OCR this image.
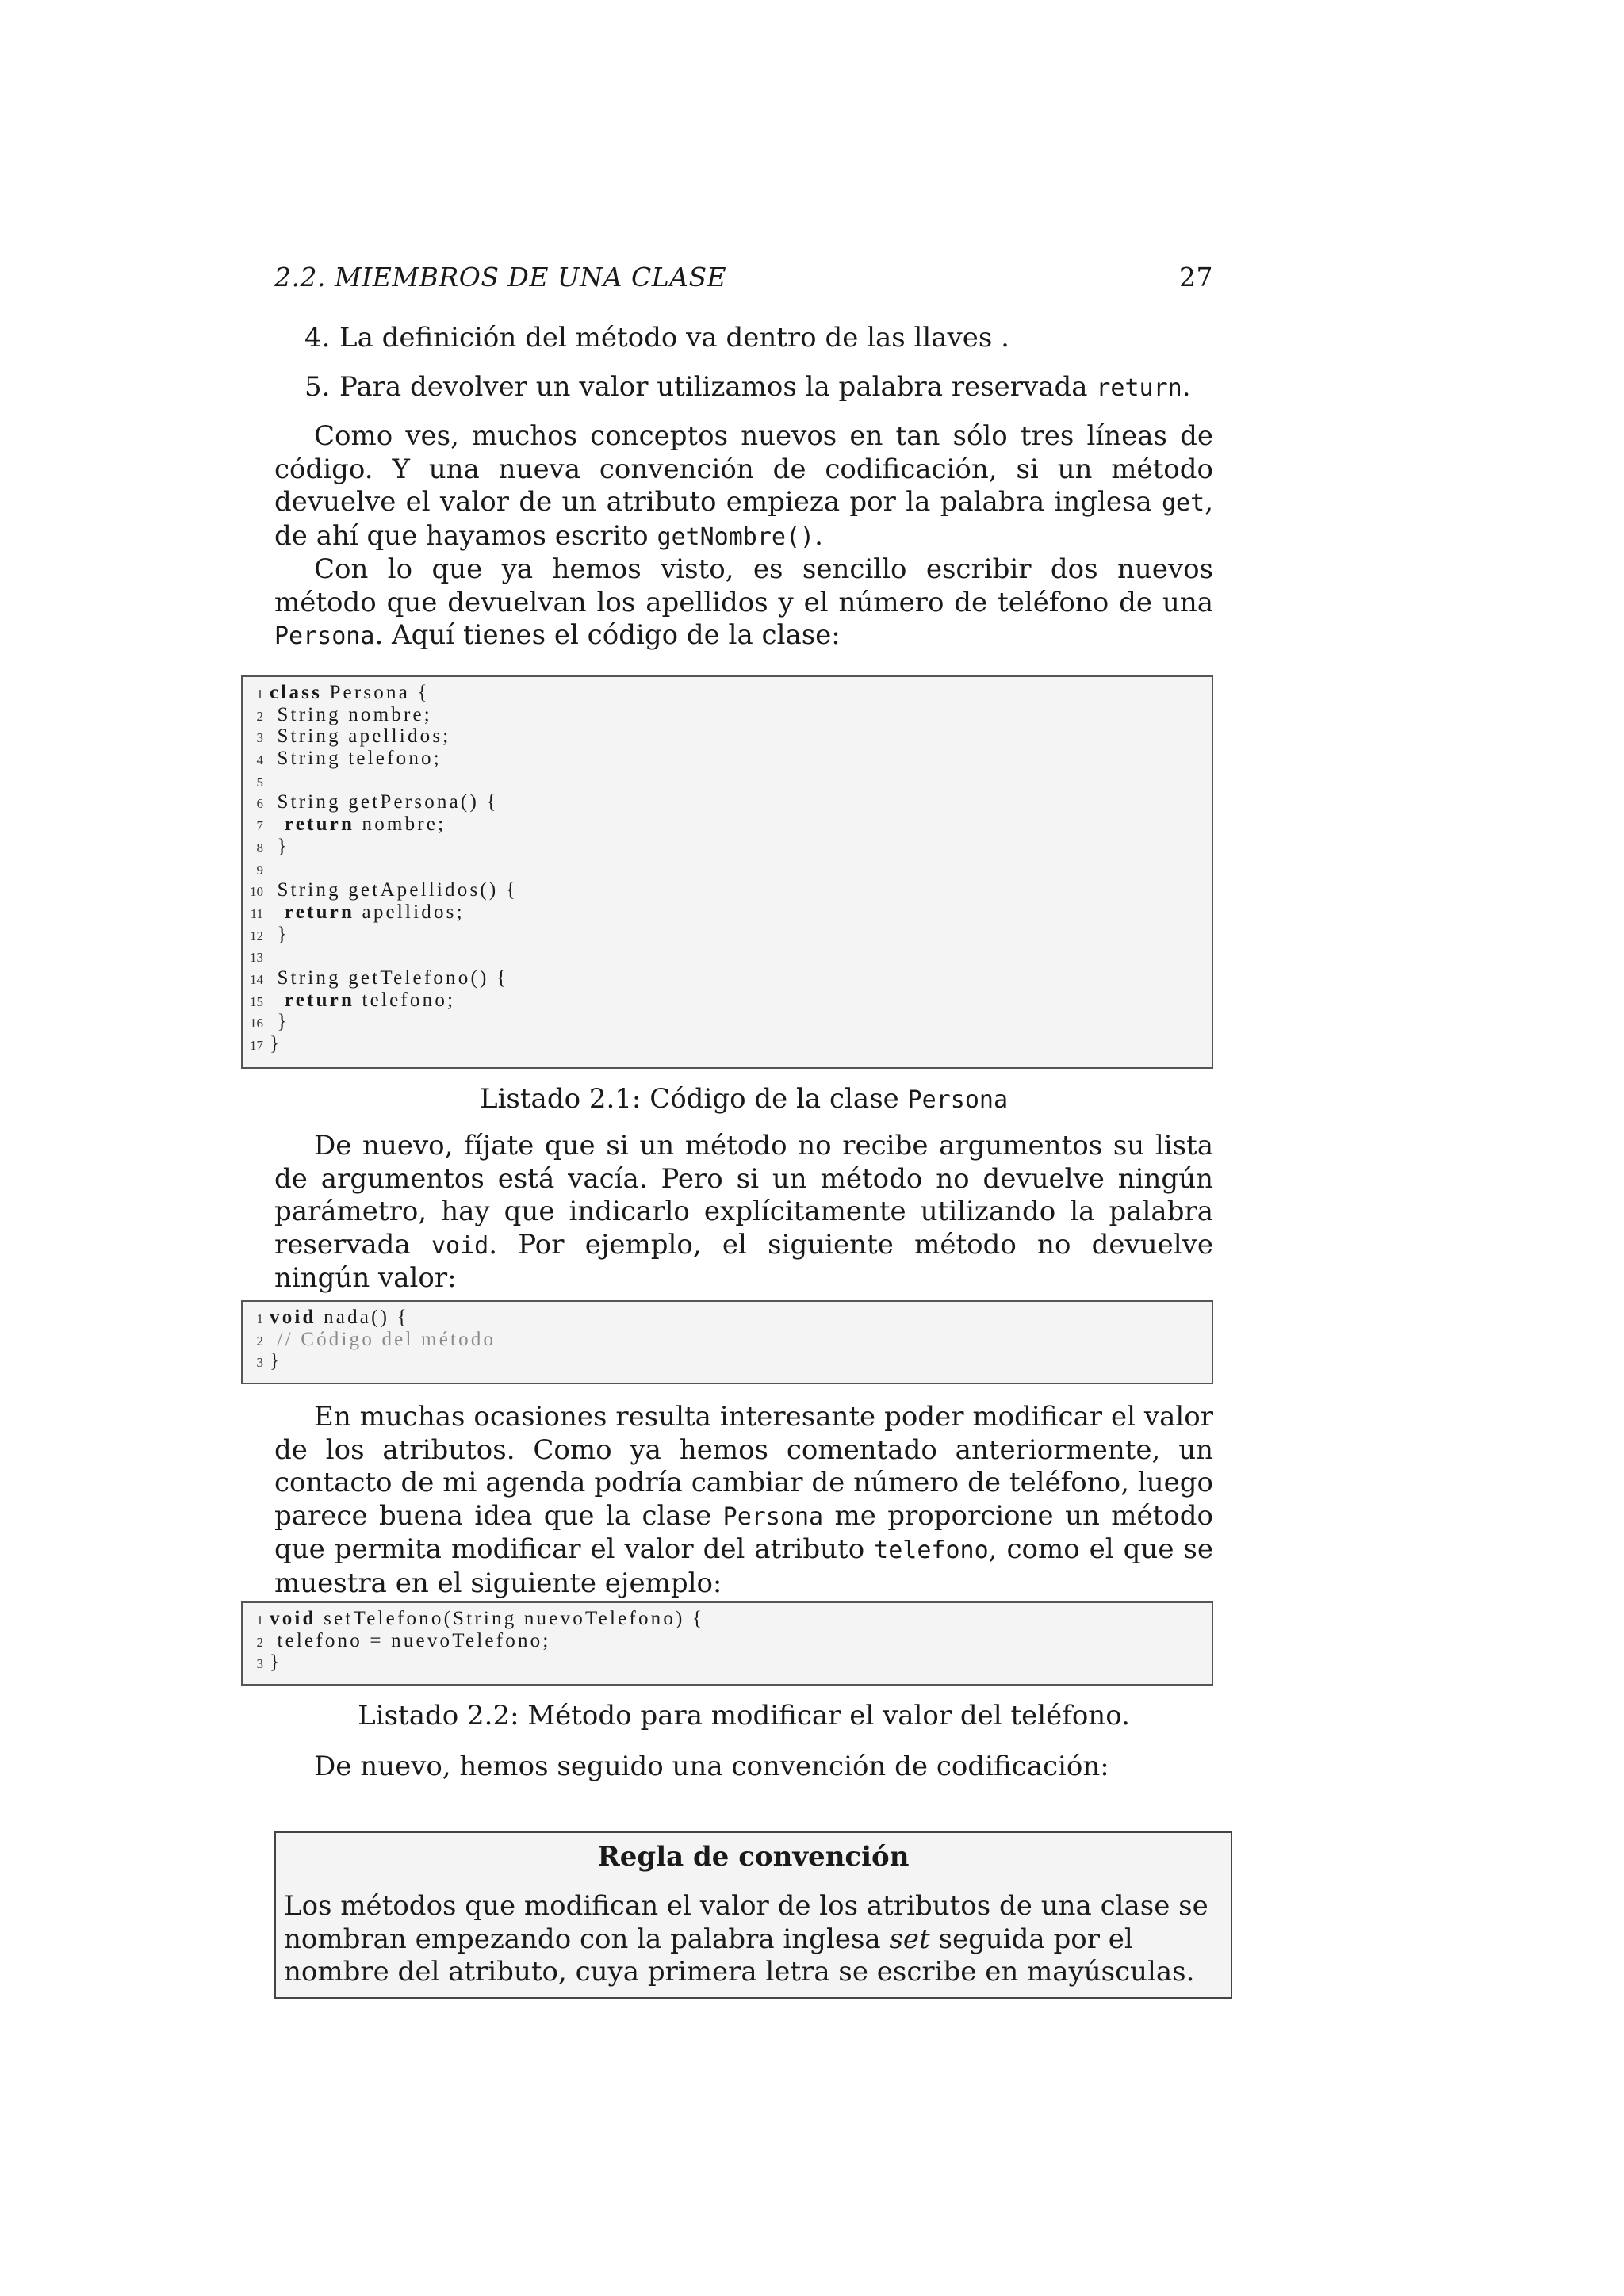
2.2. MIEMBROS DE UNA CLASE	27
4. La definición del método va dentro de las llaves .
5. Para devolver un valor utilizamos la palabra reservada return.

Como ves, muchos conceptos nuevos en tan sólo tres líneas de código. Y una nueva convención de codificación, si un método devuelve el valor de un atributo empieza por la palabra inglesa get, de ahí que hayamos escrito getNombre().

Con lo que ya hemos visto, es sencillo escribir dos nuevos método que devuelvan los apellidos y el número de teléfono de una Persona. Aquí tienes el código de la clase:

1 class Persona {
2 String nombre;
3 String apellidos;
4 String telefono;
5
6 String getPersona() {
7  return nombre;
8 }
9
10 String getApellidos() {
11  return apellidos;
12 }
13
14 String getTelefono() {
15  return telefono;
16 }
17 }
Listado 2.1: Código de la clase Persona

De nuevo, fíjate que si un método no recibe argumentos su lista de argumentos está vacía. Pero si un método no devuelve ningún parámetro, hay que indicarlo explícitamente utilizando la palabra reservada void. Por ejemplo, el siguiente método no devuelve ningún valor:

1 void nada() {
2 // Código del método
3 }

En muchas ocasiones resulta interesante poder modificar el valor de los atributos. Como ya hemos comentado anteriormente, un contacto de mi agenda podría cambiar de número de teléfono, luego parece buena idea que la clase Persona me proporcione un método que permita modificar el valor del atributo telefono, como el que se muestra en el siguiente ejemplo:

1 void setTelefono(String nuevoTelefono) {
2 telefono = nuevoTelefono;
3 }
Listado 2.2: Método para modificar el valor del teléfono.

De nuevo, hemos seguido una convención de codificación:

Regla de convención
Los métodos que modifican el valor de los atributos de una clase se nombran empezando con la palabra inglesa set seguida por el nombre del atributo, cuya primera letra se escribe en mayúsculas.
